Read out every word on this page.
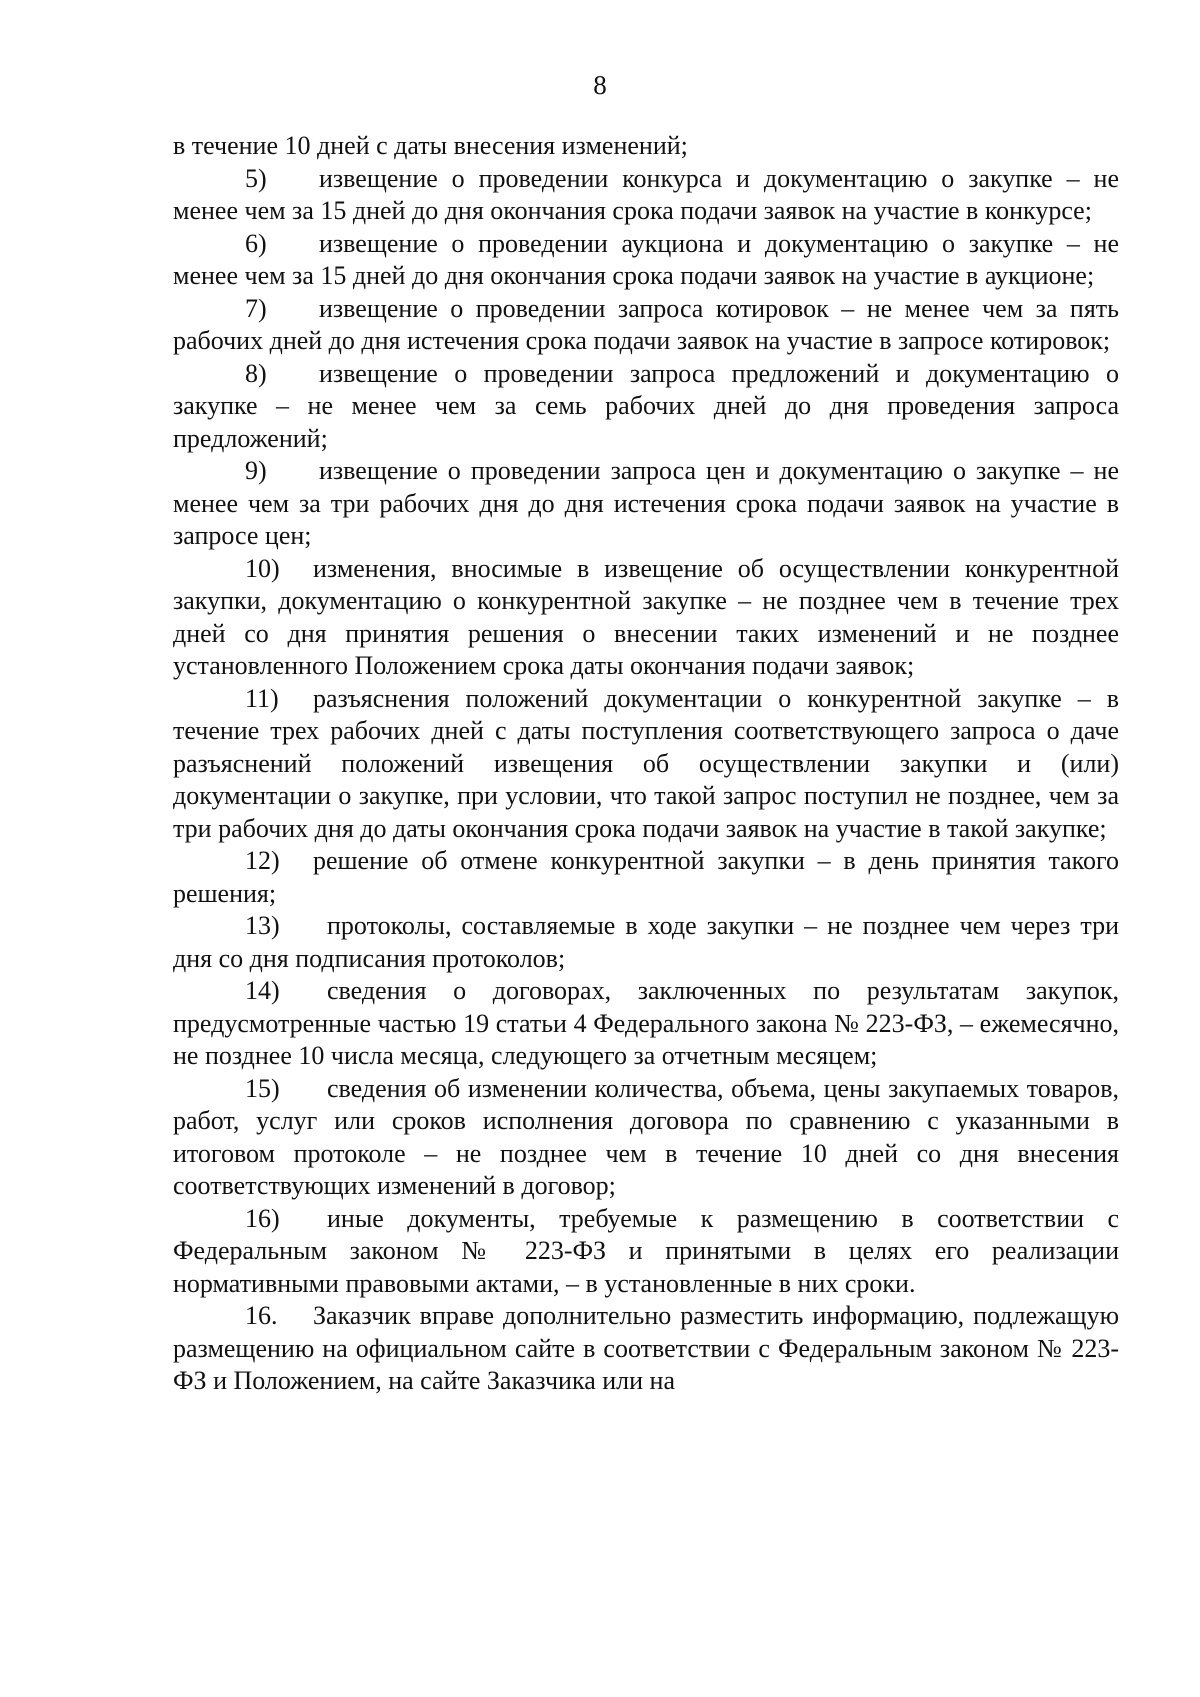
8

в течение 10 дней с даты внесения изменений;

5) извещение о проведении конкурса и документацию о закупке – не менее чем за 15 дней до дня окончания срока подачи заявок на участие в конкурсе;

6) извещение о проведении аукциона и документацию о закупке – не менее чем за 15 дней до дня окончания срока подачи заявок на участие в аукционе;

7) извещение о проведении запроса котировок – не менее чем за пять рабочих дней до дня истечения срока подачи заявок на участие в запросе котировок;

8) извещение о проведении запроса предложений и документацию о закупке – не менее чем за семь рабочих дней до дня проведения запроса предложений;

9) извещение о проведении запроса цен и документацию о закупке – не менее чем за три рабочих дня до дня истечения срока подачи заявок на участие в запросе цен;

10) изменения, вносимые в извещение об осуществлении конкурентной закупки, документацию о конкурентной закупке – не позднее чем в течение трех дней со дня принятия решения о внесении таких изменений и не позднее установленного Положением срока даты окончания подачи заявок;

11) разъяснения положений документации о конкурентной закупке – в течение трех рабочих дней с даты поступления соответствующего запроса о даче разъяснений положений извещения об осуществлении закупки и (или) документации о закупке, при условии, что такой запрос поступил не позднее, чем за три рабочих дня до даты окончания срока подачи заявок на участие в такой закупке;

12) решение об отмене конкурентной закупки – в день принятия такого решения;

13) протоколы, составляемые в ходе закупки – не позднее чем через три дня со дня подписания протоколов;

14) сведения о договорах, заключенных по результатам закупок, предусмотренные частью 19 статьи 4 Федерального закона № 223-ФЗ, – ежемесячно, не позднее 10 числа месяца, следующего за отчетным месяцем;

15) сведения об изменении количества, объема, цены закупаемых товаров, работ, услуг или сроков исполнения договора по сравнению с указанными в итоговом протоколе – не позднее чем в течение 10 дней со дня внесения соответствующих изменений в договор;

16) иные документы, требуемые к размещению в соответствии с Федеральным законом № 223-ФЗ и принятыми в целях его реализации нормативными правовыми актами, – в установленные в них сроки.

16. Заказчик вправе дополнительно разместить информацию, подлежащую размещению на официальном сайте в соответствии с Федеральным законом № 223-ФЗ и Положением, на сайте Заказчика или на
